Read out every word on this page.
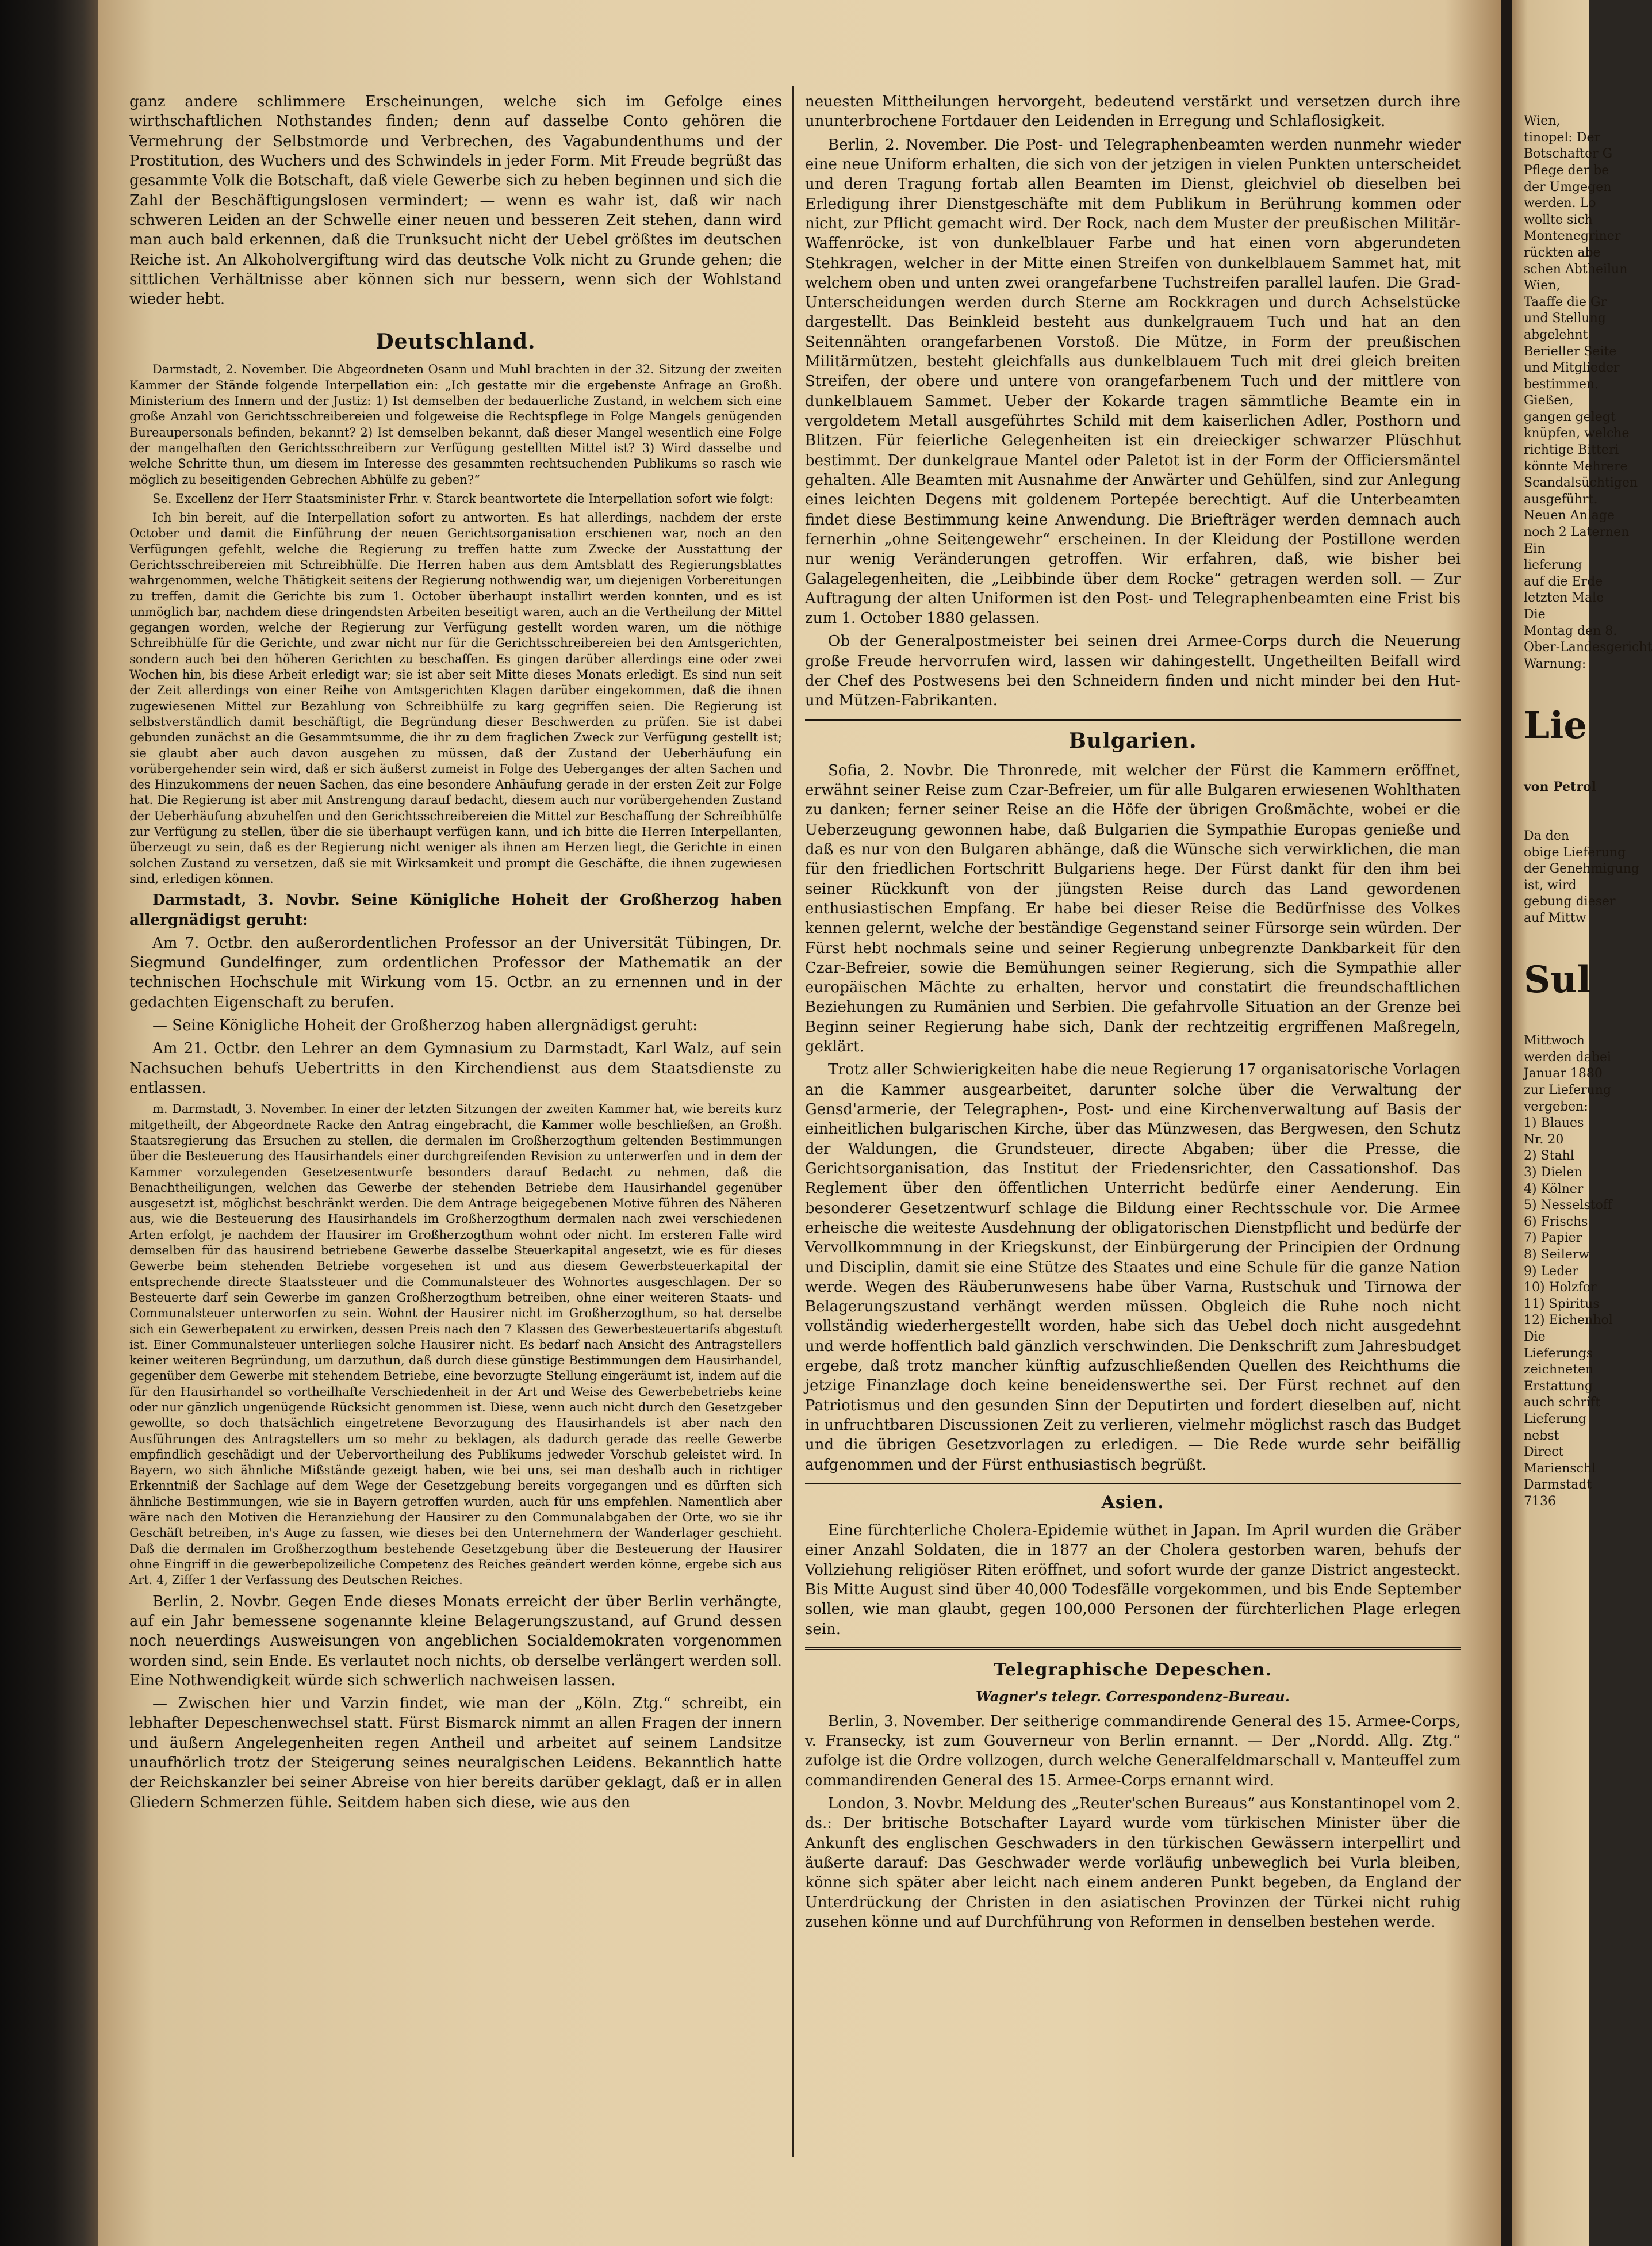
ganz andere schlimmere Erscheinungen, welche sich im Gefolge eines wirthschaftlichen Nothstandes finden; denn auf dasselbe Conto gehören die Vermehrung der Selbstmorde und Verbrechen, des Vagabundenthums und der Prostitution, des Wuchers und des Schwindels in jeder Form. Mit Freude begrüßt das gesammte Volk die Botschaft, daß viele Gewerbe sich zu heben beginnen und sich die Zahl der Beschäftigungslosen vermindert; — wenn es wahr ist, daß wir nach schweren Leiden an der Schwelle einer neuen und besseren Zeit stehen, dann wird man auch bald erkennen, daß die Trunksucht nicht der Uebel größtes im deutschen Reiche ist. An Alkoholvergiftung wird das deutsche Volk nicht zu Grunde gehen; die sittlichen Verhältnisse aber können sich nur bessern, wenn sich der Wohlstand wieder hebt.

Deutschland.

Darmstadt, 2. November. Die Abgeordneten Osann und Muhl brachten in der 32. Sitzung der zweiten Kammer der Stände folgende Interpellation ein: „Ich gestatte mir die ergebenste Anfrage an Großh. Ministerium des Innern und der Justiz: 1) Ist demselben der bedauerliche Zustand, in welchem sich eine große Anzahl von Gerichtsschreibereien und folgeweise die Rechtspflege in Folge Mangels genügenden Bureaupersonals befinden, bekannt? 2) Ist demselben bekannt, daß dieser Mangel wesentlich eine Folge der mangelhaften den Gerichtsschreibern zur Verfügung gestellten Mittel ist? 3) Wird dasselbe und welche Schritte thun, um diesem im Interesse des gesammten rechtsuchenden Publikums so rasch wie möglich zu beseitigenden Gebrechen Abhülfe zu geben?“

Se. Excellenz der Herr Staatsminister Frhr. v. Starck beantwortete die Interpellation sofort wie folgt:

Ich bin bereit, auf die Interpellation sofort zu antworten. Es hat allerdings, nachdem der erste October und damit die Einführung der neuen Gerichtsorganisation erschienen war, noch an den Verfügungen gefehlt, welche die Regierung zu treffen hatte zum Zwecke der Ausstattung der Gerichtsschreibereien mit Schreibhülfe. Die Herren haben aus dem Amtsblatt des Regierungsblattes wahrgenommen, welche Thätigkeit seitens der Regierung nothwendig war, um diejenigen Vorbereitungen zu treffen, damit die Gerichte bis zum 1. October überhaupt installirt werden konnten, und es ist unmöglich bar, nachdem diese dringendsten Arbeiten beseitigt waren, auch an die Vertheilung der Mittel gegangen worden, welche der Regierung zur Verfügung gestellt worden waren, um die nöthige Schreibhülfe für die Gerichte, und zwar nicht nur für die Gerichtsschreibereien bei den Amtsgerichten, sondern auch bei den höheren Gerichten zu beschaffen. Es gingen darüber allerdings eine oder zwei Wochen hin, bis diese Arbeit erledigt war; sie ist aber seit Mitte dieses Monats erledigt. Es sind nun seit der Zeit allerdings von einer Reihe von Amtsgerichten Klagen darüber eingekommen, daß die ihnen zugewiesenen Mittel zur Bezahlung von Schreibhülfe zu karg gegriffen seien. Die Regierung ist selbstverständlich damit beschäftigt, die Begründung dieser Beschwerden zu prüfen. Sie ist dabei gebunden zunächst an die Gesammtsumme, die ihr zu dem fraglichen Zweck zur Verfügung gestellt ist; sie glaubt aber auch davon ausgehen zu müssen, daß der Zustand der Ueberhäufung ein vorübergehender sein wird, daß er sich äußerst zumeist in Folge des Ueberganges der alten Sachen und des Hinzukommens der neuen Sachen, das eine besondere Anhäufung gerade in der ersten Zeit zur Folge hat. Die Regierung ist aber mit Anstrengung darauf bedacht, diesem auch nur vorübergehenden Zustand der Ueberhäufung abzuhelfen und den Gerichtsschreibereien die Mittel zur Beschaffung der Schreibhülfe zur Verfügung zu stellen, über die sie überhaupt verfügen kann, und ich bitte die Herren Interpellanten, überzeugt zu sein, daß es der Regierung nicht weniger als ihnen am Herzen liegt, die Gerichte in einen solchen Zustand zu versetzen, daß sie mit Wirksamkeit und prompt die Geschäfte, die ihnen zugewiesen sind, erledigen können.

Darmstadt, 3. Novbr. Seine Königliche Hoheit der Großherzog haben allergnädigst geruht:

Am 7. Octbr. den außerordentlichen Professor an der Universität Tübingen, Dr. Siegmund Gundelfinger, zum ordentlichen Professor der Mathematik an der technischen Hochschule mit Wirkung vom 15. Octbr. an zu ernennen und in der gedachten Eigenschaft zu berufen.

— Seine Königliche Hoheit der Großherzog haben allergnädigst geruht:

Am 21. Octbr. den Lehrer an dem Gymnasium zu Darmstadt, Karl Walz, auf sein Nachsuchen behufs Uebertritts in den Kirchendienst aus dem Staatsdienste zu entlassen.

m. Darmstadt, 3. November. In einer der letzten Sitzungen der zweiten Kammer hat, wie bereits kurz mitgetheilt, der Abgeordnete Racke den Antrag eingebracht, die Kammer wolle beschließen, an Großh. Staatsregierung das Ersuchen zu stellen, die dermalen im Großherzogthum geltenden Bestimmungen über die Besteuerung des Hausirhandels einer durchgreifenden Revision zu unterwerfen und in dem der Kammer vorzulegenden Gesetzesentwurfe besonders darauf Bedacht zu nehmen, daß die Benachtheiligungen, welchen das Gewerbe der stehenden Betriebe dem Hausirhandel gegenüber ausgesetzt ist, möglichst beschränkt werden. Die dem Antrage beigegebenen Motive führen des Näheren aus, wie die Besteuerung des Hausirhandels im Großherzogthum dermalen nach zwei verschiedenen Arten erfolgt, je nachdem der Hausirer im Großherzogthum wohnt oder nicht. Im ersteren Falle wird demselben für das hausirend betriebene Gewerbe dasselbe Steuerkapital angesetzt, wie es für dieses Gewerbe beim stehenden Betriebe vorgesehen ist und aus diesem Gewerbsteuerkapital der entsprechende directe Staatssteuer und die Communalsteuer des Wohnortes ausgeschlagen. Der so Besteuerte darf sein Gewerbe im ganzen Großherzogthum betreiben, ohne einer weiteren Staats- und Communalsteuer unterworfen zu sein. Wohnt der Hausirer nicht im Großherzogthum, so hat derselbe sich ein Gewerbepatent zu erwirken, dessen Preis nach den 7 Klassen des Gewerbesteuertarifs abgestuft ist. Einer Communalsteuer unterliegen solche Hausirer nicht. Es bedarf nach Ansicht des Antragstellers keiner weiteren Begründung, um darzuthun, daß durch diese günstige Bestimmungen dem Hausirhandel, gegenüber dem Gewerbe mit stehendem Betriebe, eine bevorzugte Stellung eingeräumt ist, indem auf die für den Hausirhandel so vortheilhafte Verschiedenheit in der Art und Weise des Gewerbebetriebs keine oder nur gänzlich ungenügende Rücksicht genommen ist. Diese, wenn auch nicht durch den Gesetzgeber gewollte, so doch thatsächlich eingetretene Bevorzugung des Hausirhandels ist aber nach den Ausführungen des Antragstellers um so mehr zu beklagen, als dadurch gerade das reelle Gewerbe empfindlich geschädigt und der Uebervortheilung des Publikums jedweder Vorschub geleistet wird. In Bayern, wo sich ähnliche Mißstände gezeigt haben, wie bei uns, sei man deshalb auch in richtiger Erkenntniß der Sachlage auf dem Wege der Gesetzgebung bereits vorgegangen und es dürften sich ähnliche Bestimmungen, wie sie in Bayern getroffen wurden, auch für uns empfehlen. Namentlich aber wäre nach den Motiven die Heranziehung der Hausirer zu den Communalabgaben der Orte, wo sie ihr Geschäft betreiben, in's Auge zu fassen, wie dieses bei den Unternehmern der Wanderlager geschieht. Daß die dermalen im Großherzogthum bestehende Gesetzgebung über die Besteuerung der Hausirer ohne Eingriff in die gewerbepolizeiliche Competenz des Reiches geändert werden könne, ergebe sich aus Art. 4, Ziffer 1 der Verfassung des Deutschen Reiches.

Berlin, 2. Novbr. Gegen Ende dieses Monats erreicht der über Berlin verhängte, auf ein Jahr bemessene sogenannte kleine Belagerungszustand, auf Grund dessen noch neuerdings Ausweisungen von angeblichen Socialdemokraten vorgenommen worden sind, sein Ende. Es verlautet noch nichts, ob derselbe verlängert werden soll. Eine Nothwendigkeit würde sich schwerlich nachweisen lassen.

— Zwischen hier und Varzin findet, wie man der „Köln. Ztg.“ schreibt, ein lebhafter Depeschenwechsel statt. Fürst Bismarck nimmt an allen Fragen der innern und äußern Angelegenheiten regen Antheil und arbeitet auf seinem Landsitze unaufhörlich trotz der Steigerung seines neuralgischen Leidens. Bekanntlich hatte der Reichskanzler bei seiner Abreise von hier bereits darüber geklagt, daß er in allen Gliedern Schmerzen fühle. Seitdem haben sich diese, wie aus den

neuesten Mittheilungen hervorgeht, bedeutend verstärkt und versetzen durch ihre ununterbrochene Fortdauer den Leidenden in Erregung und Schlaflosigkeit.

Berlin, 2. November. Die Post- und Telegraphenbeamten werden nunmehr wieder eine neue Uniform erhalten, die sich von der jetzigen in vielen Punkten unterscheidet und deren Tragung fortab allen Beamten im Dienst, gleichviel ob dieselben bei Erledigung ihrer Dienstgeschäfte mit dem Publikum in Berührung kommen oder nicht, zur Pflicht gemacht wird. Der Rock, nach dem Muster der preußischen Militär-Waffenröcke, ist von dunkelblauer Farbe und hat einen vorn abgerundeten Stehkragen, welcher in der Mitte einen Streifen von dunkelblauem Sammet hat, mit welchem oben und unten zwei orangefarbene Tuchstreifen parallel laufen. Die Grad-Unterscheidungen werden durch Sterne am Rockkragen und durch Achselstücke dargestellt. Das Beinkleid besteht aus dunkelgrauem Tuch und hat an den Seitennähten orangefarbenen Vorstoß. Die Mütze, in Form der preußischen Militärmützen, besteht gleichfalls aus dunkelblauem Tuch mit drei gleich breiten Streifen, der obere und untere von orangefarbenem Tuch und der mittlere von dunkelblauem Sammet. Ueber der Kokarde tragen sämmtliche Beamte ein in vergoldetem Metall ausgeführtes Schild mit dem kaiserlichen Adler, Posthorn und Blitzen. Für feierliche Gelegenheiten ist ein dreieckiger schwarzer Plüschhut bestimmt. Der dunkelgraue Mantel oder Paletot ist in der Form der Officiersmäntel gehalten. Alle Beamten mit Ausnahme der Anwärter und Gehülfen, sind zur Anlegung eines leichten Degens mit goldenem Portepée berechtigt. Auf die Unterbeamten findet diese Bestimmung keine Anwendung. Die Briefträger werden demnach auch fernerhin „ohne Seitengewehr“ erscheinen. In der Kleidung der Postillone werden nur wenig Veränderungen getroffen. Wir erfahren, daß, wie bisher bei Galagelegenheiten, die „Leibbinde über dem Rocke“ getragen werden soll. — Zur Auftragung der alten Uniformen ist den Post- und Telegraphenbeamten eine Frist bis zum 1. October 1880 gelassen.

Ob der Generalpostmeister bei seinen drei Armee-Corps durch die Neuerung große Freude hervorrufen wird, lassen wir dahingestellt. Ungetheilten Beifall wird der Chef des Postwesens bei den Schneidern finden und nicht minder bei den Hut- und Mützen-Fabrikanten.

Bulgarien.

Sofia, 2. Novbr. Die Thronrede, mit welcher der Fürst die Kammern eröffnet, erwähnt seiner Reise zum Czar-Befreier, um für alle Bulgaren erwiesenen Wohlthaten zu danken; ferner seiner Reise an die Höfe der übrigen Großmächte, wobei er die Ueberzeugung gewonnen habe, daß Bulgarien die Sympathie Europas genieße und daß es nur von den Bulgaren abhänge, daß die Wünsche sich verwirklichen, die man für den friedlichen Fortschritt Bulgariens hege. Der Fürst dankt für den ihm bei seiner Rückkunft von der jüngsten Reise durch das Land gewordenen enthusiastischen Empfang. Er habe bei dieser Reise die Bedürfnisse des Volkes kennen gelernt, welche der beständige Gegenstand seiner Fürsorge sein würden. Der Fürst hebt nochmals seine und seiner Regierung unbegrenzte Dankbarkeit für den Czar-Befreier, sowie die Bemühungen seiner Regierung, sich die Sympathie aller europäischen Mächte zu erhalten, hervor und constatirt die freundschaftlichen Beziehungen zu Rumänien und Serbien. Die gefahrvolle Situation an der Grenze bei Beginn seiner Regierung habe sich, Dank der rechtzeitig ergriffenen Maßregeln, geklärt.

Trotz aller Schwierigkeiten habe die neue Regierung 17 organisatorische Vorlagen an die Kammer ausgearbeitet, darunter solche über die Verwaltung der Gensd'armerie, der Telegraphen-, Post- und eine Kirchenverwaltung auf Basis der einheitlichen bulgarischen Kirche, über das Münzwesen, das Bergwesen, den Schutz der Waldungen, die Grundsteuer, directe Abgaben; über die Presse, die Gerichtsorganisation, das Institut der Friedensrichter, den Cassationshof. Das Reglement über den öffentlichen Unterricht bedürfe einer Aenderung. Ein besonderer Gesetzentwurf schlage die Bildung einer Rechtsschule vor. Die Armee erheische die weiteste Ausdehnung der obligatorischen Dienstpflicht und bedürfe der Vervollkommnung in der Kriegskunst, der Einbürgerung der Principien der Ordnung und Disciplin, damit sie eine Stütze des Staates und eine Schule für die ganze Nation werde. Wegen des Räuberunwesens habe über Varna, Rustschuk und Tirnowa der Belagerungszustand verhängt werden müssen. Obgleich die Ruhe noch nicht vollständig wiederhergestellt worden, habe sich das Uebel doch nicht ausgedehnt und werde hoffentlich bald gänzlich verschwinden. Die Denkschrift zum Jahresbudget ergebe, daß trotz mancher künftig aufzuschließenden Quellen des Reichthums die jetzige Finanzlage doch keine beneidenswerthe sei. Der Fürst rechnet auf den Patriotismus und den gesunden Sinn der Deputirten und fordert dieselben auf, nicht in unfruchtbaren Discussionen Zeit zu verlieren, vielmehr möglichst rasch das Budget und die übrigen Gesetzvorlagen zu erledigen. — Die Rede wurde sehr beifällig aufgenommen und der Fürst enthusiastisch begrüßt.

Asien.

Eine fürchterliche Cholera-Epidemie wüthet in Japan. Im April wurden die Gräber einer Anzahl Soldaten, die in 1877 an der Cholera gestorben waren, behufs der Vollziehung religiöser Riten eröffnet, und sofort wurde der ganze District angesteckt. Bis Mitte August sind über 40,000 Todesfälle vorgekommen, und bis Ende September sollen, wie man glaubt, gegen 100,000 Personen der fürchterlichen Plage erlegen sein.

Telegraphische Depeschen.
Wagner's telegr. Correspondenz-Bureau.

Berlin, 3. November. Der seitherige commandirende General des 15. Armee-Corps, v. Fransecky, ist zum Gouverneur von Berlin ernannt. — Der „Nordd. Allg. Ztg.“ zufolge ist die Ordre vollzogen, durch welche Generalfeldmarschall v. Manteuffel zum commandirenden General des 15. Armee-Corps ernannt wird.

London, 3. Novbr. Meldung des „Reuter'schen Bureaus“ aus Konstantinopel vom 2. ds.: Der britische Botschafter Layard wurde vom türkischen Minister über die Ankunft des englischen Geschwaders in den türkischen Gewässern interpellirt und äußerte darauf: Das Geschwader werde vorläufig unbeweglich bei Vurla bleiben, könne sich später aber leicht nach einem anderen Punkt begeben, da England der Unterdrückung der Christen in den asiatischen Provinzen der Türkei nicht ruhig zusehen könne und auf Durchführung von Reformen in denselben bestehen werde.

Wien,
tinopel: Der
Botschafter G
Pflege der be
der Umgegen
werden. Lo
wollte sich
Montenegriner
rückten abe
schen Abtheilun
Wien,
Taaffe die Gr
und Stellung
abgelehnt
Berieller Seite
und Mitglieder
bestimmen.
Gießen,
gangen gelegt
knüpfen, welche
richtige Bitteri
könnte Mehrere
Scandalsüchtigen
ausgeführt.
Neuen Anlage
noch 2 Laternen
Ein
lieferung
auf die Erde
letzten Male
Die
Montag den 8.
Ober-Landesgericht
Warnung:

Lie

von Petrol

Da den
obige Lieferung
der Genehmigung
ist, wird
gebung dieser
auf Mittw

Sul

Mittwoch
werden dabei
Januar 1880
zur Lieferung
vergeben:
1) Blaues
Nr. 20
2) Stahl
3) Dielen
4) Kölner
5) Nesselstoff
6) Frischs
7) Papier
8) Seilerw
9) Leder
10) Holzfor
11) Spiritus
12) Eichenhol
Die
Lieferungs
zeichneten
Erstattung
auch schrift
Lieferung
nebst
Direct
Marienschl
Darmstadt
7136
